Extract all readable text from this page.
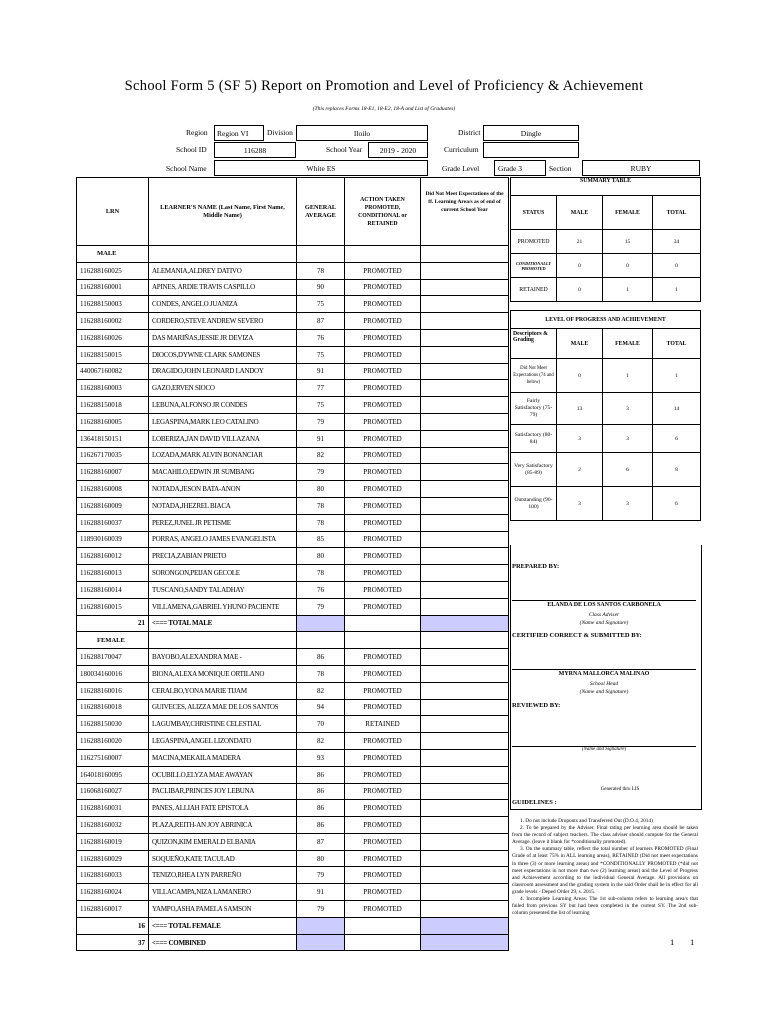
School Form 5 (SF 5) Report on Promotion and Level of Proficiency & Achievement
(This replaces Forms 18-E1, 18-E2, 18-A and List of Graduates)
Region	Region VI	Division	Iloilo	District	Dingle
School ID	116288	School Year	2019 - 2020	Curriculum
School Name	White ES	Grade Level	Grade 3	Section	RUBY
LRN	LEARNER'S NAME (Last Name, First Name, Middle Name)	GENERAL AVERAGE	ACTION TAKEN PROMOTED, CONDITIONAL or RETAINED	Did Not Meet Expectations of the ff. Learning Area/s as of end of current School Year
MALE				
116288160025	ALEMANIA,ALDREY DATIVO	78	PROMOTED	
116288160001	APINES, ARDIE TRAVIS CASPILLO	90	PROMOTED	
116288150003	CONDES, ANGELO JUANIZA	75	PROMOTED	
116288160002	CORDERO,STEVE ANDREW SEVERO	87	PROMOTED	
116288160026	DAS MARIÑAS,JESSIE JR DEVIZA	76	PROMOTED	
116288150015	DIOCOS,DYWNE CLARK SAMONES	75	PROMOTED	
440067160082	DRAGIDO,JOHN LEONARD LANDOY	91	PROMOTED	
116288160003	GAZO,ERVEN SIOCO	77	PROMOTED	
116288150018	LEBUNA,ALFONSO JR CONDES	75	PROMOTED	
116288160005	LEGASPINA,MARK LEO CATALINO	79	PROMOTED	
136418150151	LOBERIZA,JAN DAVID VILLAZANA	91	PROMOTED	
116267170035	LOZADA,MARK ALVIN BONANCIAR	82	PROMOTED	
116288160007	MACAHILO,EDWIN JR SUMBANG	79	PROMOTED	
116288160008	NOTADA,JESON BATA-ANON	80	PROMOTED	
116288160009	NOTADA,JHEZREL BIACA	78	PROMOTED	
116288160037	PEREZ,JUNEL JR PETISME	78	PROMOTED	
118930160039	PORRAS, ANGELO JAMES EVANGELISTA	85	PROMOTED	
116288160012	PRECIA,ZABIAN PRIETO	80	PROMOTED	
116288160013	SORONGON,PEIJAN GECOLE	78	PROMOTED	
116288160014	TUSCANO,SANDY TALADHAY	76	PROMOTED	
116288160015	VILLAMENA,GABRIEL YHUNO PACIENTE	79	PROMOTED	
21	<=== TOTAL MALE			
FEMALE				
116288170047	BAYOBO,ALEXANDRA MAE -	86	PROMOTED	
180034160016	BIONA,ALEXA MONIQUE ORTILANO	78	PROMOTED	
116288160016	CERALBO,YONA MARIE TIJAM	82	PROMOTED	
116288160018	GUIVECES, ALIZZA MAE DE LOS SANTOS	94	PROMOTED	
116288150030	LAGUMBAY,CHRISTINE CELESTIAL	70	RETAINED	
116288160020	LEGASPINA,ANGEL LIZONDATO	82	PROMOTED	
116275160007	MACINA,MEKAILA MADERA	93	PROMOTED	
164018160095	OCUBILLO,ELYZA MAE AWAYAN	86	PROMOTED	
116068160027	PACLIBAR,PRINCES JOY LEBUNA	86	PROMOTED	
116288160031	PANES, ALLIAH FATE EPISTOLA	86	PROMOTED	
116288160032	PLAZA,REITH-AN JOY ABRINICA	86	PROMOTED	
116288160019	QUIZON,KIM EMERALD ELBANIA	87	PROMOTED	
116288160029	SOQUEÑO,KATE TACULAD	80	PROMOTED	
116288160033	TENIZO,RHEA LYN PARREÑO	79	PROMOTED	
116288160024	VILLACAMPA,NIZA LAMANERO	91	PROMOTED	
116288160017	YAMPO,ASHA PAMELA SAMSON	79	PROMOTED	
16	<=== TOTAL FEMALE			
37	<=== COMBINED			
SUMMARY TABLE			
STATUS	MALE	FEMALE	TOTAL
PROMOTED	21	15	34
CONDITIONALLY PROMOTED	0	0	0
RETAINED	0	1	1
LEVEL OF PROGRESS AND ACHIEVEMENT			
Descriptors & Grading	MALE	FEMALE	TOTAL
Did Not Meet Expectations (74 and below)	0	1	1
Fairly Satisfactory (75-79)	13	3	14
Satisfactory (80-84)	3	3	6
Very Satisfactory (85-89)	2	6	8
Outstanding (90-100)	3	3	6
PREPARED BY:
ELANDA DE LOS SANTOS CARBONELA
Class Adviser
(Name and Signature)
CERTIFIED CORRECT & SUBMITTED BY:
MYRNA MALLORCA MALINAO
School Head
(Name and Signature)
REVIEWED BY:
(Name and Signature)
Generated thru LIS
GUIDELINES :

1. Do not include Dropouts and Transferred Out (D.O.4, 2014)

2. To be prepared by the Adviser. Final rating per learning area should be taken from the record of subject teachers. The class adviser should compute for the General Average. (leave it blank for *conditionally promoted).

3. On the summary table, reflect the total number of learners PROMOTED (Final Grade of at least 75% in ALL learning areas), RETAINED (Did not meet expectations in three (3) or more learning areas) and *CONDITIONALLY PROMOTED (*did not meet expectations in not more than two (2) learning areas) and the Level of Progress and Achievement according to the individual General Average. All provisions on classroom assessment and the grading system in the said Order shall be in effect for all grade levels - Deped Order 29, s. 2015.

4. Incomplete Learning Areas: The 1st sub-column refers to learning area/s that failed from previous SY but had been completed in the current SY. The 2nd sub-column presented the list of learning

1 1
